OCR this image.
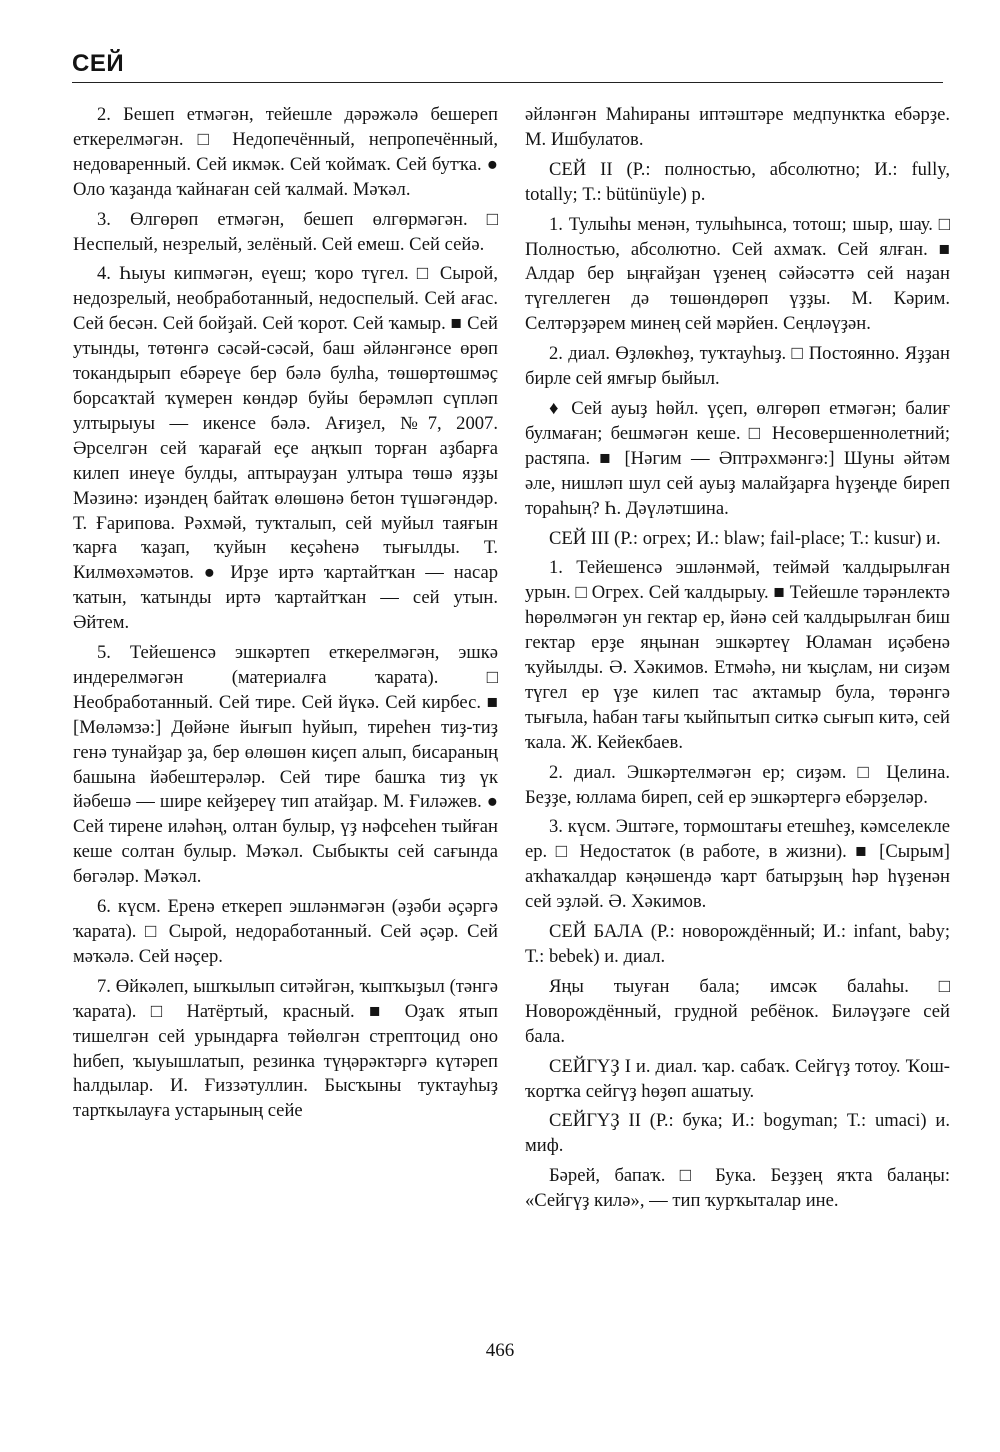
СЕЙ

2. Бешеп етмәгән, тейешле дәрәжәлә бешереп еткерелмәгән. □ Недопечённый, непропечённый, недоваренный. Сей икмәк. Сей ҡоймаҡ. Сей бутҡа. ● Оло ҡаҙанда ҡайнаған сей ҡалмай. Мәҡәл.

3. Өлгөрөп етмәгән, бешеп өлгөрмәгән. □ Неспелый, незрелый, зелёный. Сей емеш. Сей сейә.

4. Һыуы кипмәгән, еүеш; ҡоро түгел. □ Сырой, недозрелый, необработанный, недоспелый. Сей ағас. Сей бесән. Сей бойҙай. Сей ҡорот. Сей ҡамыр. ■ Сей утынды, төтөнгә сәсәй-сәсәй, баш әйләнгәнсе өрөп токандырып ебәреүе бер бәлә булһа, төшөртөшмәҫ борсаҡтай ҡүмерен көндәр буйы берәмләп сүпләп ултырыуы — икенсе бәлә. Ағиҙел, №7, 2007. Әрселгән сей ҡарағай еҫе аңҡып торған аҙбарға килеп инеүе булды, аптырауҙан ултыра төшә яҙҙы Мәзинә: иҙәндең байтаҡ өлөшөнә бетон түшәгәндәр. Т. Ғарипова. Рәхмәй, туҡталып, сей муйыл таяғын ҡарға ҡаҙап, ҡуйын кеҫәһенә тығылды. Т. Килмөхәмәтов. ● Ирҙе иртә ҡартайтҡан — насар ҡатын, ҡатынды иртә ҡартайтҡан — сей утын. Әйтем.

5. Тейешенсә эшкәртеп еткерелмәгән, эшкә индерелмәгән (материалға ҡарата). □ Необработанный. Сей тире. Сей йүкә. Сей кирбес. ■ [Мөләмзә:] Дөйәне йығып һуйып, тиреһен тиҙ-тиҙ генә тунайҙар ҙа, бер өлөшөн киҫеп алып, бисараның башына йәбештерәләр. Сей тире башҡа тиҙ үк йәбешә — шире кейҙереү тип атайҙар. М. Ғиләжев. ● Сей тирене иләһәң, олтан булыр, үҙ нәфсеһен тыйған кеше солтан булыр. Мәҡәл. Сыбыкты сей сағында бөгәләр. Мәҡәл.

6. күсм. Еренә еткереп эшләнмәгән (әҙәби әҫәргә ҡарата). □ Сырой, недоработанный. Сей әҫәр. Сей мәҡәлә. Сей нәҫер.

7. Өйкәлеп, ышҡылып ситәйгән, ҡыпҡыҙыл (тәнгә ҡарата). □ Натёртый, красный. ■ Оҙаҡ ятып тишелгән сей урындарға төйөлгән стрептоцид оно һибеп, ҡыуышлатып, резинка түңәрәктәргә күтәреп һалдылар. И. Ғиззәтуллин. Бысҡыны туктауһыҙ тарткылауға устарының сейе

әйләнгән Маһираны иптәштәре медпунктка ебәрҙе. М. Ишбулатов.

СЕЙ II (Р.: полностью, абсолютно; И.: fully, totally; Т.: bütünüyle) р.

1. Тулыһы менән, тулыһынса, тотош; шыр, шау. □ Полностью, абсолютно. Сей ахмаҡ. Сей ялған. ■ Алдар бер ыңғайҙан үҙенең сәйәсәттә сей наҙан түгеллеген дә төшөндөрөп үҙҙы. М. Кәрим. Селтәрҙәрем минең сей мәрйен. Сеңләүҙән.

2. диал. Өҙлөкһөҙ, туҡтауһыҙ. □ Постоянно. Яҙҙан бирле сей ямғыр быйыл.

♦ Сей ауыҙ һөйл. үҫеп, өлгөрөп етмәгән; балиғ булмаған; бешмәгән кеше. □ Несовершеннолетний; растяпа. ■ [Нәгим — Әптрәхмәнгә:] Шуны әйтәм әле, нишләп шул сей ауыҙ малайҙарға һүҙеңде биреп тораһың? Һ. Дәүләтшина.

СЕЙ III (Р.: огрех; И.: blaw; fail-place; Т.: kusur) и.

1. Тейешенсә эшләнмәй, теймәй ҡалдырылған урын. □ Огрех. Сей ҡалдырыу. ■ Тейешле тәрәнлектә һөрөлмәгән ун гектар ер, йәнә сей ҡалдырылған биш гектар ерҙе яңынан эшкәртеү Юламан иҫәбенә ҡуйылды. Ә. Хәкимов. Етмәһә, ни ҡыҫлам, ни сиҙәм түгел ер үҙе килеп тас аҡтамыр була, төрәнгә тығыла, һабан тағы ҡыйпытып ситкә сығып китә, сей ҡала. Ж. Кейекбаев.

2. диал. Эшкәртелмәгән ер; сиҙәм. □ Целина. Беҙҙе, юллама биреп, сей ер эшкәртергә ебәрҙеләр.

3. күсм. Эштәге, тормоштағы етешһеҙ, кәмселекле ер. □ Недостаток (в работе, в жизни). ■ [Сырым] аҡһаҡалдар кәңәшендә ҡарт батырҙың һәр һүҙенән сей эҙләй. Ә. Хәкимов.

СЕЙ БАЛА (Р.: новорождённый; И.: infant, baby; Т.: bebek) и. диал.

Яңы тыуған бала; имсәк балаһы. □ Новорождённый, грудной ребёнок. Биләүҙәге сей бала.

СЕЙГҮҘ I и. диал. ҡар. сабаҡ. Сейгүҙ тотоу. Ҡош-ҡортҡа сейгүҙ һөҙөп ашатыу.

СЕЙГҮҘ II (Р.: бука; И.: bogyman; Т.: umaci) и. миф.

Бәрей, бапаҡ. □ Бука. Беҙҙең яҡта балаңы: «Сейгүҙ килә», — тип ҡурҡыталар ине.

466
